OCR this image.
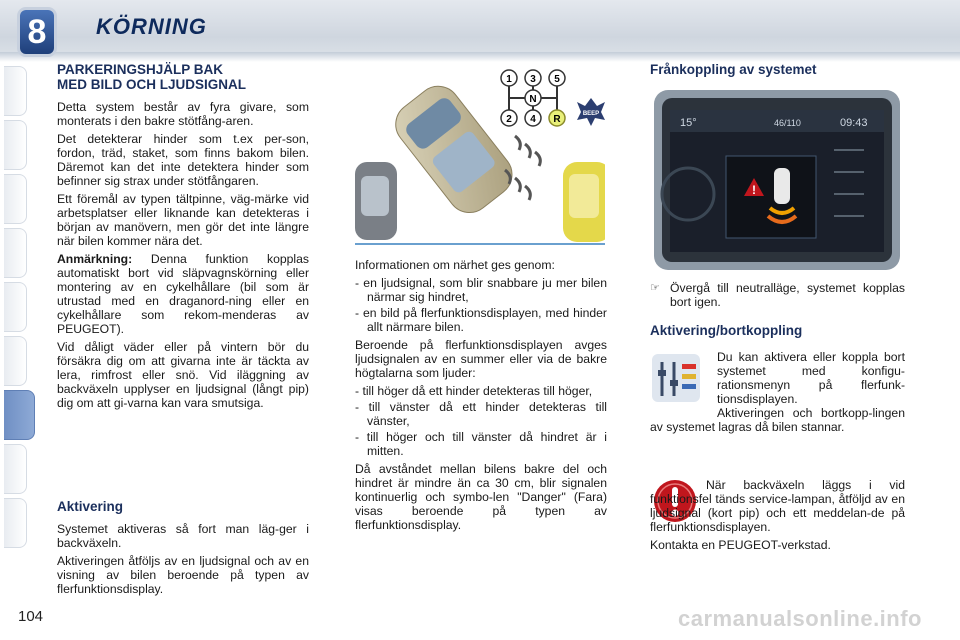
8	KÖRNING
PARKERINGSHJÄLP BAK
MED BILD OCH LJUDSIGNAL

Detta system består av fyra givare, som monterats i den bakre stötfång-aren.

Det detekterar hinder som t.ex per-son, fordon, träd, staket, som finns bakom bilen. Däremot kan det inte detektera hinder som befinner sig strax under stötfångaren.

Ett föremål av typen tältpinne, väg-märke vid arbetsplatser eller liknande kan detekteras i början av manövern, men gör det inte längre när bilen kommer nära det.

Anmärkning: Denna funktion kopplas automatiskt bort vid släpvagnskörning eller montering av en cykelhållare (bil som är utrustad med en draganord-ning eller en cykelhållare som rekom-menderas av PEUGEOT).

Vid dåligt väder eller på vintern bör du försäkra dig om att givarna inte är täckta av lera, rimfrost eller snö. Vid iläggning av backväxeln upplyser en ljudsignal (långt pip) dig om att gi-varna kan vara smutsiga.

Aktivering

Systemet aktiveras så fort man läg-ger i backväxeln.

Aktiveringen åtföljs av en ljudsignal och av en visning av bilen beroende på typen av flerfunktionsdisplay.

1 3 5
N
2 4 R	BEEP

Informationen om närhet ges genom:

- en ljudsignal, som blir snabbare ju mer bilen närmar sig hindret,
- en bild på flerfunktionsdisplayen, med hinder allt närmare bilen.

Beroende på flerfunktionsdisplayen avges ljudsignalen av en summer eller via de bakre högtalarna som ljuder:

- till höger då ett hinder detekteras till höger,
- till vänster då ett hinder detekteras till vänster,
- till höger och till vänster då hindret är i mitten.

Då avståndet mellan bilens bakre del och hindret är mindre än ca 30 cm, blir signalen kontinuerlig och symbo-len "Danger" (Fara) visas beroende på typen av flerfunktionsdisplay.

Frånkoppling av systemet
15°	46/110	09:43
!
☞ Övergå till neutralläge, systemet kopplas bort igen.
Aktivering/bortkoppling

Du kan aktivera eller koppla bort systemet med konfigu-rationsmenyn på flerfunk-tionsdisplayen.

Aktiveringen och bortkopp-lingen av systemet lagras då bilen stannar.

När backväxeln läggs i vid funktionsfel tänds service-lampan, åtföljd av en ljudsignal (kort pip) och ett meddelan-de på flerfunktionsdisplayen.

Kontakta en PEUGEOT-verkstad.

104	carmanualsonline.info
